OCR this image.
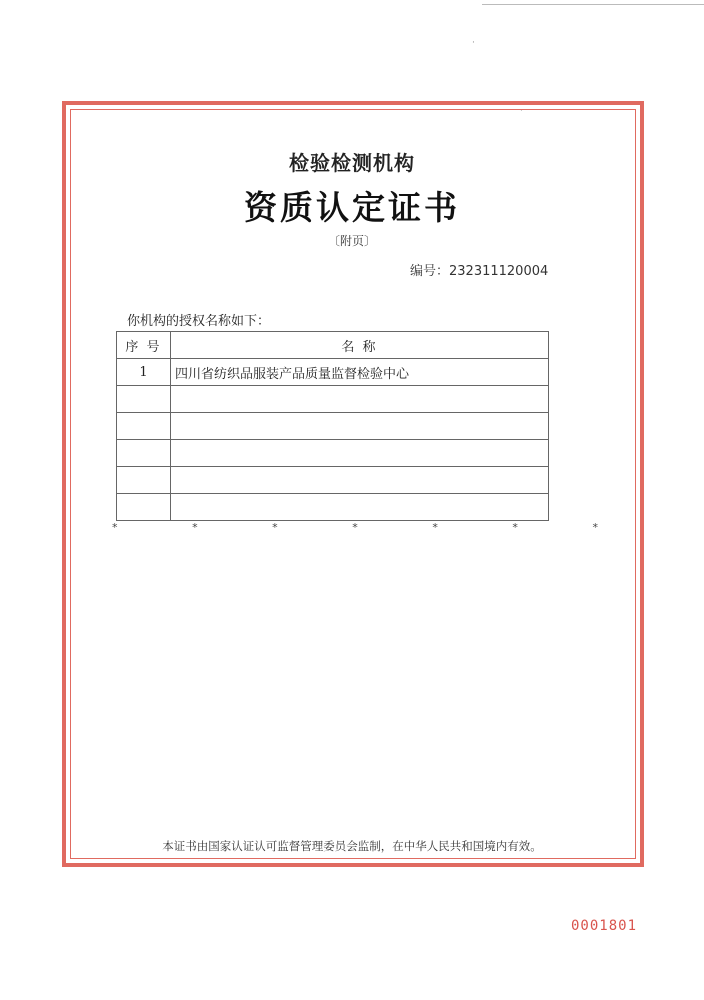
·
·
检验检测机构
资质认定证书
〔附页〕
编号：232311120004
你机构的授权名称如下：
序 号	名 称
1	四川省纺织品服装产品质量监督检验中心

*	*	*	*	*	*	*
本证书由国家认证认可监督管理委员会监制，在中华人民共和国境内有效。
0001801
